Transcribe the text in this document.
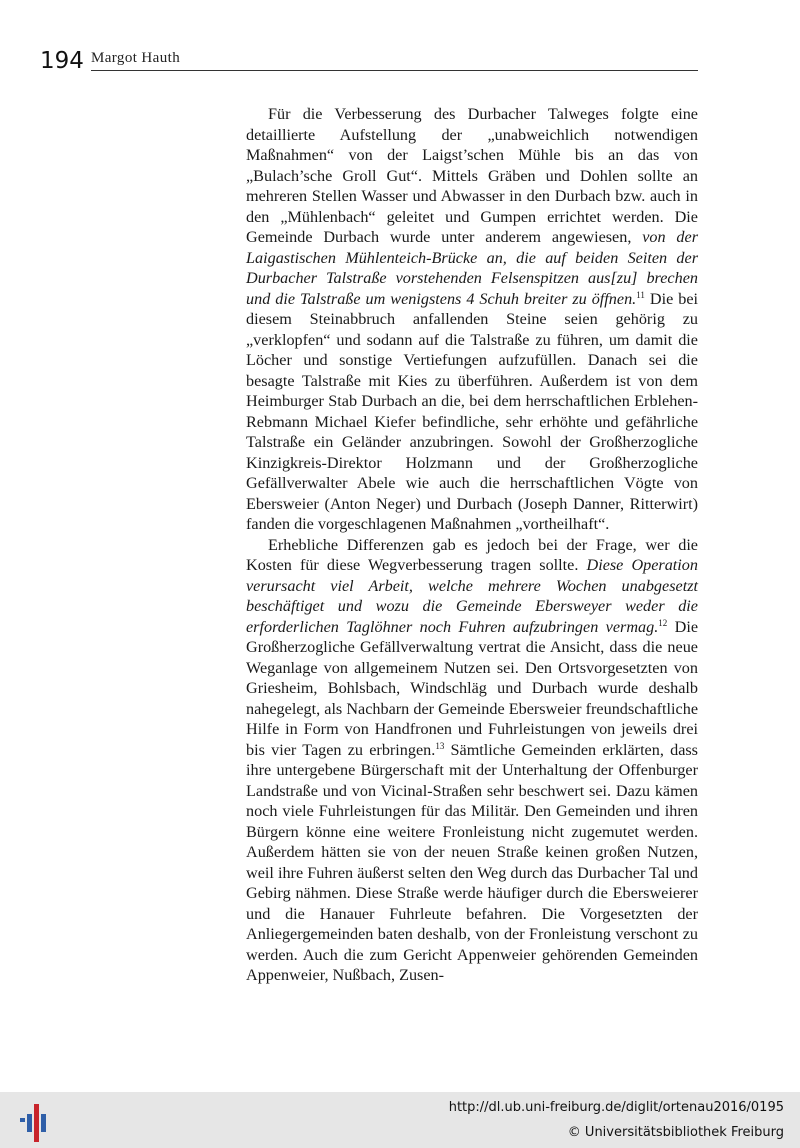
194 Margot Hauth

Für die Verbesserung des Durbacher Talweges folgte eine detaillierte Aufstellung der „unabweichlich notwendigen Maßnahmen“ von der Laigst’schen Mühle bis an das von „Bulach’sche Groll Gut“. Mittels Gräben und Dohlen sollte an mehreren Stellen Wasser und Abwasser in den Durbach bzw. auch in den „Mühlenbach“ geleitet und Gumpen errichtet werden. Die Gemeinde Durbach wurde unter anderem angewiesen, von der Laigastischen Mühlenteich-Brücke an, die auf beiden Seiten der Durbacher Talstraße vorstehenden Felsenspitzen aus[zu] brechen und die Talstraße um wenigstens 4 Schuh breiter zu öffnen.$^{11}$ Die bei diesem Steinabbruch anfallenden Steine seien gehörig zu „verklopfen“ und sodann auf die Talstraße zu führen, um damit die Löcher und sonstige Vertiefungen aufzufüllen. Danach sei die besagte Talstraße mit Kies zu überführen. Außerdem ist von dem Heimburger Stab Durbach an die, bei dem herrschaftlichen Erblehen-Rebmann Michael Kiefer befindliche, sehr erhöhte und gefährliche Talstraße ein Geländer anzubringen. Sowohl der Großherzogliche Kinzigkreis-Direktor Holzmann und der Großherzogliche Gefällverwalter Abele wie auch die herrschaftlichen Vögte von Ebersweier (Anton Neger) und Durbach (Joseph Danner, Ritterwirt) fanden die vorgeschlagenen Maßnahmen „vortheilhaft“.

Erhebliche Differenzen gab es jedoch bei der Frage, wer die Kosten für diese Wegverbesserung tragen sollte. Diese Operation verursacht viel Arbeit, welche mehrere Wochen unabgesetzt beschäftiget und wozu die Gemeinde Ebersweyer weder die erforderlichen Taglöhner noch Fuhren aufzubringen vermag.$^{12}$ Die Großherzogliche Gefällverwaltung vertrat die Ansicht, dass die neue Weganlage von allgemeinem Nutzen sei. Den Ortsvorgesetzten von Griesheim, Bohlsbach, Windschläg und Durbach wurde deshalb nahegelegt, als Nachbarn der Gemeinde Ebersweier freundschaftliche Hilfe in Form von Handfronen und Fuhrleistungen von jeweils drei bis vier Tagen zu erbringen.$^{13}$ Sämtliche Gemeinden erklärten, dass ihre untergebene Bürgerschaft mit der Unterhaltung der Offenburger Landstraße und von Vicinal-Straßen sehr beschwert sei. Dazu kämen noch viele Fuhrleistungen für das Militär. Den Gemeinden und ihren Bürgern könne eine weitere Fronleistung nicht zugemutet werden. Außerdem hätten sie von der neuen Straße keinen großen Nutzen, weil ihre Fuhren äußerst selten den Weg durch das Durbacher Tal und Gebirg nähmen. Diese Straße werde häufiger durch die Ebersweierer und die Hanauer Fuhrleute befahren. Die Vorgesetzten der Anliegergemeinden baten deshalb, von der Fronleistung verschont zu werden. Auch die zum Gericht Appenweier gehörenden Gemeinden Appenweier, Nußbach, Zusen-

http://dl.ub.uni-freiburg.de/diglit/ortenau2016/0195
© Universitätsbibliothek Freiburg
